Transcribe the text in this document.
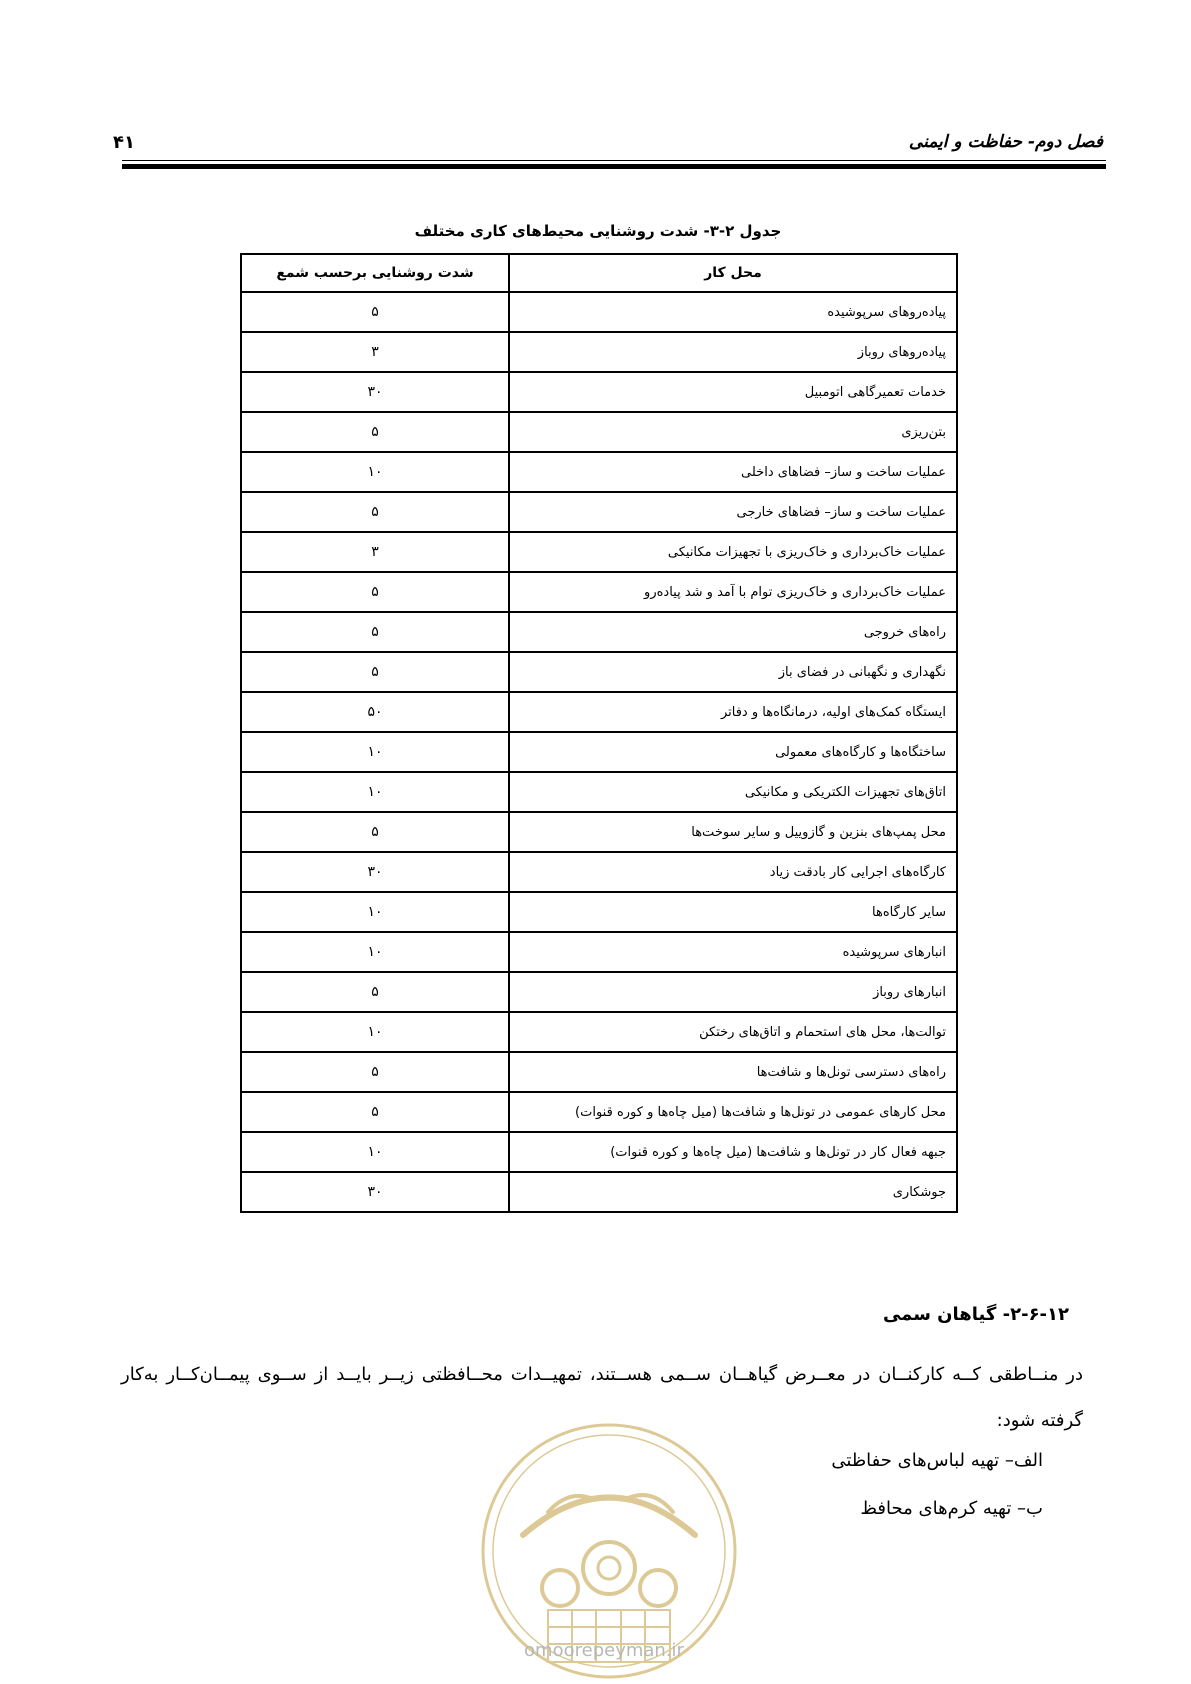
فصل دوم- حفاظت و ایمنی
۴۱
جدول ۲-۳- شدت روشنایی محیط‌های کاری مختلف
محل کار	شدت روشنایی برحسب شمع
پیاده‌روهای سرپوشیده	۵
پیاده‌روهای روباز	۳
خدمات تعمیرگاهی اتومبیل	۳۰
بتن‌ریزی	۵
عملیات ساخت و ساز– فضاهای داخلی	۱۰
عملیات ساخت و ساز– فضاهای خارجی	۵
عملیات خاک‌برداری و خاک‌ریزی با تجهیزات مکانیکی	۳
عملیات خاک‌برداری و خاک‌ریزی توام با آمد و شد پیاده‌رو	۵
راه‌های خروجی	۵
نگهداری و نگهبانی در فضای باز	۵
ایستگاه کمک‌های اولیه، درمانگاه‌ها و دفاتر	۵۰
ساختگاه‌ها و کارگاه‌های معمولی	۱۰
اتاق‌های تجهیزات الکتریکی و مکانیکی	۱۰
محل پمپ‌های بنزین و گازوییل و سایر سوخت‌ها	۵
کارگاه‌های اجرایی کار بادقت زیاد	۳۰
سایر کارگاه‌ها	۱۰
انبارهای سرپوشیده	۱۰
انبارهای روباز	۵
توالت‌ها، محل های استحمام و اتاق‌های رختکن	۱۰
راه‌های دسترسی تونل‌ها و شافت‌ها	۵
محل کارهای عمومی در تونل‌ها و شافت‌ها (میل چاه‌ها و کوره قنوات)	۵
جبهه فعال کار در تونل‌ها و شافت‌ها (میل چاه‌ها و کوره قنوات)	۱۰
جوشکاری	۳۰
۲-۶-۱۲- گیاهان سمی
در منــاطقی کــه کارکنــان در معــرض گیاهــان ســمی هســتند، تمهیــدات محــافظتی زیــر بایــد از ســوی پیمــان‌کــار به‌کار گرفته شود:
الف– تهیه لباس‌های حفاظتی
ب– تهیه کرم‌های محافظ
omoorepeyman.ir
